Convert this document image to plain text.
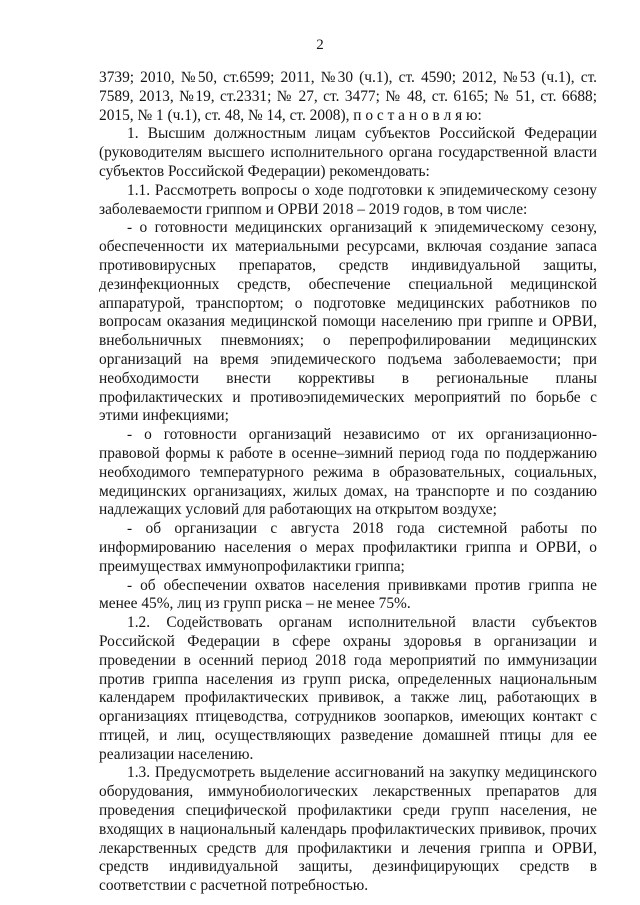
2

3739; 2010, №50, ст.6599; 2011, №30 (ч.1), ст. 4590; 2012, №53 (ч.1), ст. 7589, 2013, №19, ст.2331; № 27, ст. 3477; № 48, ст. 6165; № 51, ст. 6688; 2015, № 1 (ч.1), ст. 48, № 14, ст. 2008), п о с т а н о в л я ю:

1. Высшим должностным лицам субъектов Российской Федерации (руководителям высшего исполнительного органа государственной власти субъектов Российской Федерации) рекомендовать:

1.1. Рассмотреть вопросы о ходе подготовки к эпидемическому сезону заболеваемости гриппом и ОРВИ 2018 – 2019 годов, в том числе:

- о готовности медицинских организаций к эпидемическому сезону, обеспеченности их материальными ресурсами, включая создание запаса противовирусных препаратов, средств индивидуальной защиты, дезинфекционных средств, обеспечение специальной медицинской аппаратурой, транспортом; о подготовке медицинских работников по вопросам оказания медицинской помощи населению при гриппе и ОРВИ, внебольничных пневмониях; о перепрофилировании медицинских организаций на время эпидемического подъема заболеваемости; при необходимости внести коррективы в региональные планы профилактических и противоэпидемических мероприятий по борьбе с этими инфекциями;

- о готовности организаций независимо от их организационно-правовой формы к работе в осенне–зимний период года по поддержанию необходимого температурного режима в образовательных, социальных, медицинских организациях, жилых домах, на транспорте и по созданию надлежащих условий для работающих на открытом воздухе;

- об организации с августа 2018 года системной работы по информированию населения о мерах профилактики гриппа и ОРВИ, о преимуществах иммунопрофилактики гриппа;

- об обеспечении охватов населения прививками против гриппа не менее 45%, лиц из групп риска – не менее 75%.

1.2. Содействовать органам исполнительной власти субъектов Российской Федерации в сфере охраны здоровья в организации и проведении в осенний период 2018 года мероприятий по иммунизации против гриппа населения из групп риска, определенных национальным календарем профилактических прививок, а также лиц, работающих в организациях птицеводства, сотрудников зоопарков, имеющих контакт с птицей, и лиц, осуществляющих разведение домашней птицы для ее реализации населению.

1.3. Предусмотреть выделение ассигнований на закупку медицинского оборудования, иммунобиологических лекарственных препаратов для проведения специфической профилактики среди групп населения, не входящих в национальный календарь профилактических прививок, прочих лекарственных средств для профилактики и лечения гриппа и ОРВИ, средств индивидуальной защиты, дезинфицирующих средств в соответствии с расчетной потребностью.
